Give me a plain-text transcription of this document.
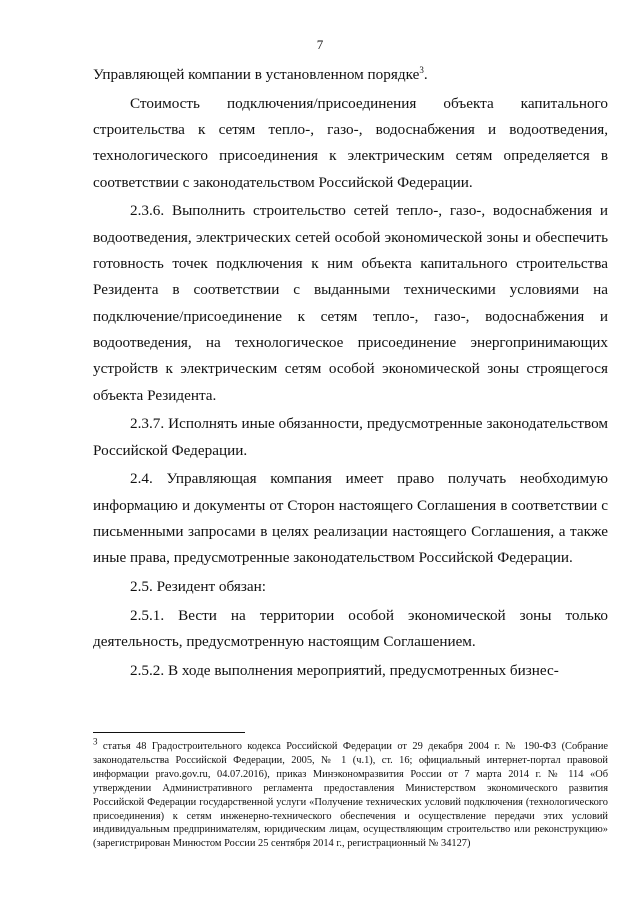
7

Управляющей компании в установленном порядке$^3$.

Стоимость подключения/присоединения объекта капитального строительства к сетям тепло-, газо-, водоснабжения и водоотведения, технологического присоединения к электрическим сетям определяется в соответствии с законодательством Российской Федерации.

2.3.6. Выполнить строительство сетей тепло-, газо-, водоснабжения и водоотведения, электрических сетей особой экономической зоны и обеспечить готовность точек подключения к ним объекта капитального строительства Резидента в соответствии с выданными техническими условиями на подключение/присоединение к сетям тепло-, газо-, водоснабжения и водоотведения, на технологическое присоединение энергопринимающих устройств к электрическим сетям особой экономической зоны строящегося объекта Резидента.

2.3.7. Исполнять иные обязанности, предусмотренные законодательством Российской Федерации.

2.4. Управляющая компания имеет право получать необходимую информацию и документы от Сторон настоящего Соглашения в соответствии с письменными запросами в целях реализации настоящего Соглашения, а также иные права, предусмотренные законодательством Российской Федерации.

2.5. Резидент обязан:

2.5.1. Вести на территории особой экономической зоны только деятельность, предусмотренную настоящим Соглашением.

2.5.2. В ходе выполнения мероприятий, предусмотренных бизнес-

$^3$ статья 48 Градостроительного кодекса Российской Федерации от 29 декабря 2004 г. № 190-ФЗ (Собрание законодательства Российской Федерации, 2005, № 1 (ч.1), ст. 16; официальный интернет-портал правовой информации pravo.gov.ru, 04.07.2016), приказ Минэкономразвития России от 7 марта 2014 г. № 114 «Об утверждении Административного регламента предоставления Министерством экономического развития Российской Федерации государственной услуги «Получение технических условий подключения (технологического присоединения) к сетям инженерно-технического обеспечения и осуществление передачи этих условий индивидуальным предпринимателям, юридическим лицам, осуществляющим строительство или реконструкцию» (зарегистрирован Минюстом России 25 сентября 2014 г., регистрационный № 34127)
